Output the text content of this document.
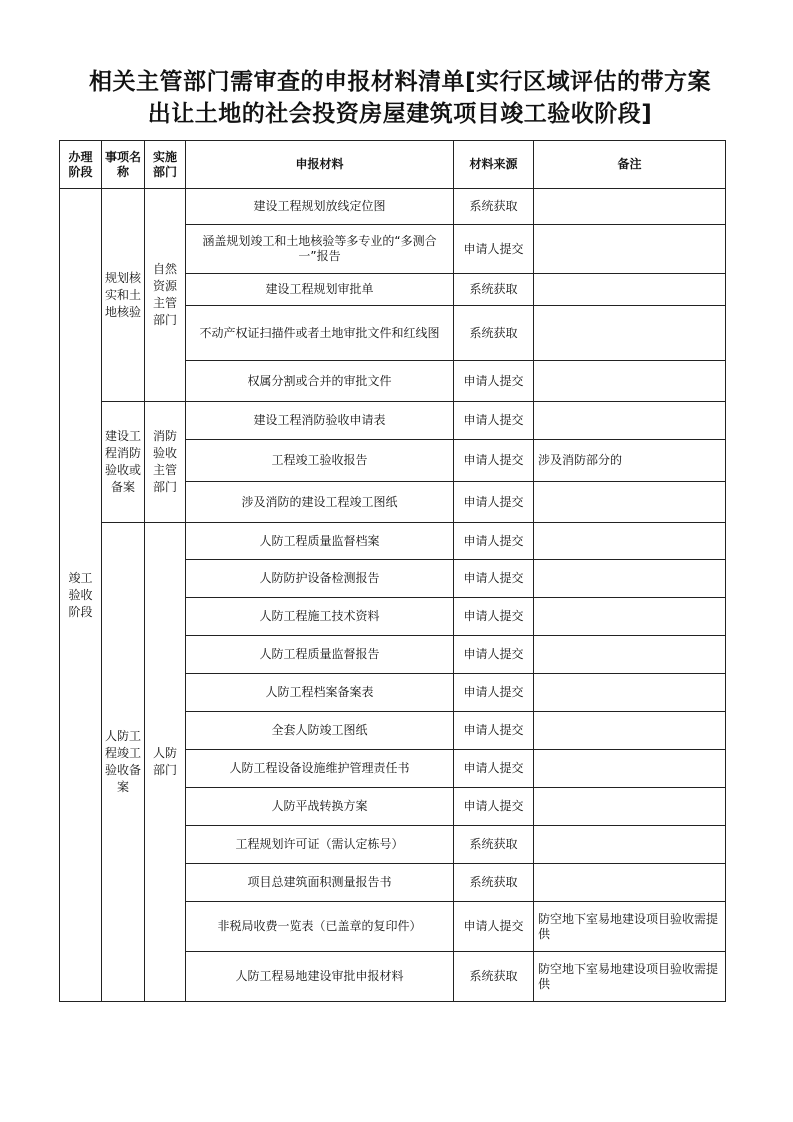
相关主管部门需审查的申报材料清单[实行区域评估的带方案
出让土地的社会投资房屋建筑项目竣工验收阶段]
办理阶段	事项名称	实施部门	申报材料	材料来源	备注
竣工验收阶段	规划核实和土地核验	自然资源主管部门	建设工程规划放线定位图	系统获取	
			涵盖规划竣工和土地核验等多专业的“多测合一”报告	申请人提交	
			建设工程规划审批单	系统获取	
			不动产权证扫描件或者土地审批文件和红线图	系统获取	
			权属分割或合并的审批文件	申请人提交	
	建设工程消防验收或备案	消防验收主管部门	建设工程消防验收申请表	申请人提交	
			工程竣工验收报告	申请人提交	涉及消防部分的
			涉及消防的建设工程竣工图纸	申请人提交	
	人防工程竣工验收备案	人防部门	人防工程质量监督档案	申请人提交	
			人防防护设备检测报告	申请人提交	
			人防工程施工技术资料	申请人提交	
			人防工程质量监督报告	申请人提交	
			人防工程档案备案表	申请人提交	
			全套人防竣工图纸	申请人提交	
			人防工程设备设施维护管理责任书	申请人提交	
			人防平战转换方案	申请人提交	
			工程规划许可证（需认定栋号）	系统获取	
			项目总建筑面积测量报告书	系统获取	
			非税局收费一览表（已盖章的复印件）	申请人提交	防空地下室易地建设项目验收需提供
			人防工程易地建设审批申报材料	系统获取	防空地下室易地建设项目验收需提供
